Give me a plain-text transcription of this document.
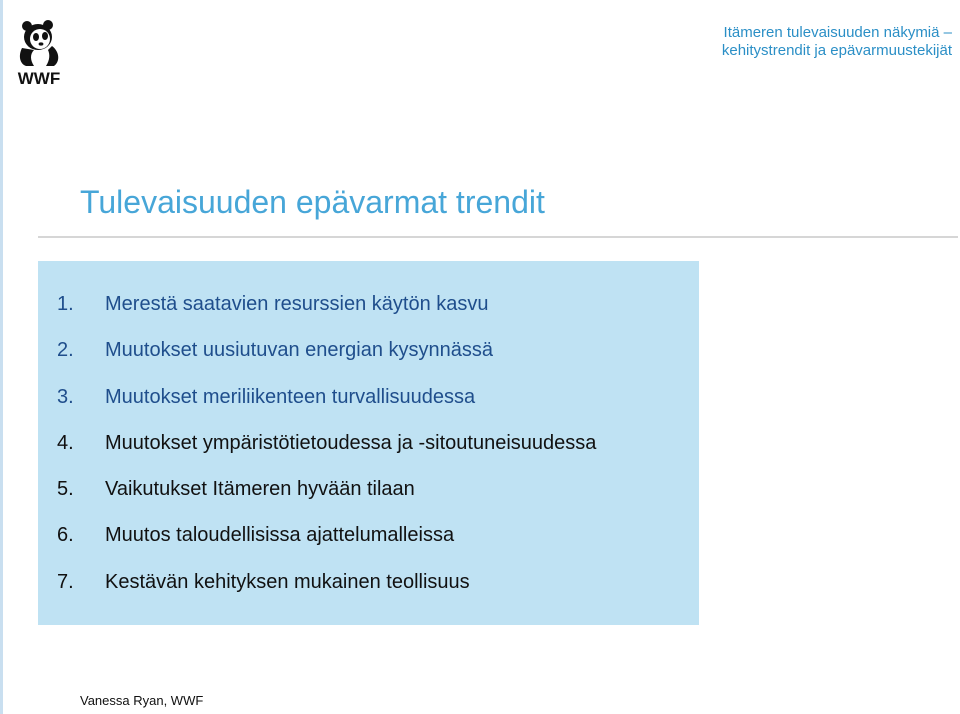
WWF
Itämeren tulevaisuuden näkymiä –
kehitystrendit ja epävarmuustekijät
Tulevaisuuden epävarmat trendit
1.	Merestä saatavien resurssien käytön kasvu
2.	Muutokset uusiutuvan energian kysynnässä
3.	Muutokset meriliikenteen turvallisuudessa
4.	Muutokset ympäristötietoudessa ja -sitoutuneisuudessa
5.	Vaikutukset Itämeren hyvään tilaan
6.	Muutos taloudellisissa ajattelumalleissa
7.	Kestävän kehityksen mukainen teollisuus
Vanessa Ryan, WWF
